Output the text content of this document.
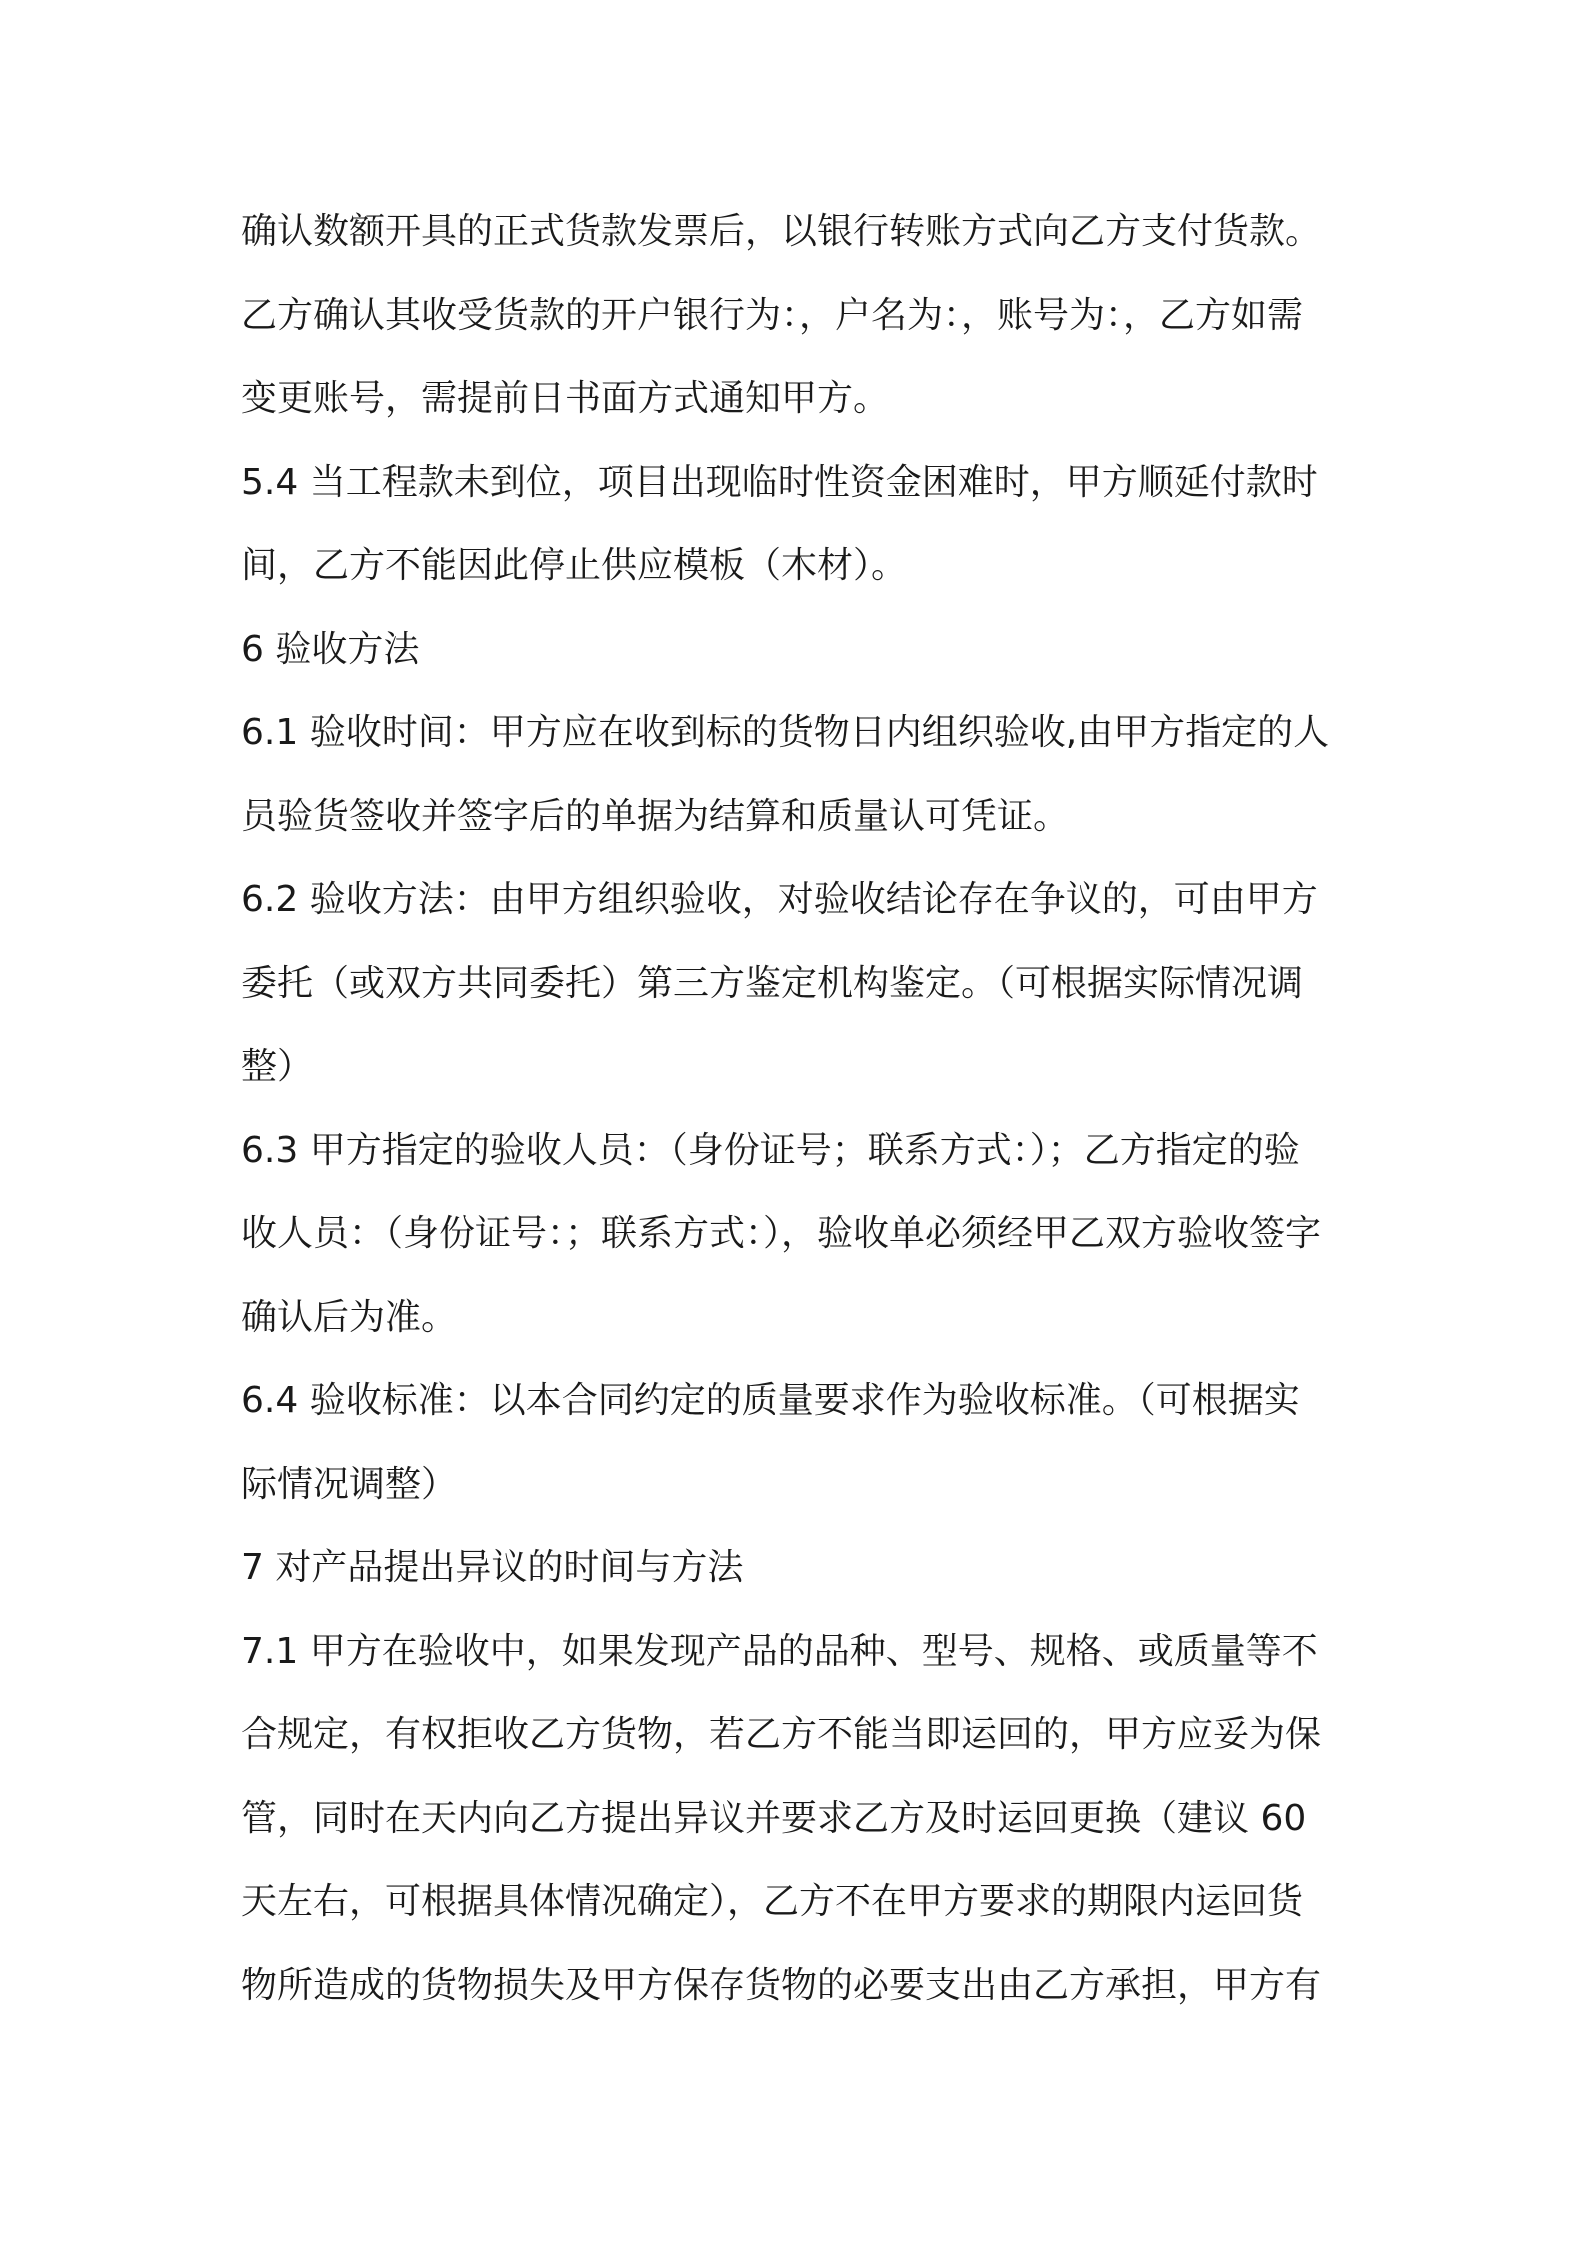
确认数额开具的正式货款发票后，以银行转账方式向乙方支付货款。
乙方确认其收受货款的开户银行为：，户名为：，账号为：，乙方如需
变更账号，需提前日书面方式通知甲方。
5.4 当工程款未到位，项目出现临时性资金困难时，甲方顺延付款时
间，乙方不能因此停止供应模板（木材）。
6 验收方法
6.1 验收时间：甲方应在收到标的货物日内组织验收,由甲方指定的人
员验货签收并签字后的单据为结算和质量认可凭证。
6.2 验收方法：由甲方组织验收，对验收结论存在争议的，可由甲方
委托（或双方共同委托）第三方鉴定机构鉴定。（可根据实际情况调
整）
6.3 甲方指定的验收人员：（身份证号；联系方式：）；乙方指定的验
收人员：（身份证号：；联系方式：），验收单必须经甲乙双方验收签字
确认后为准。
6.4 验收标准：以本合同约定的质量要求作为验收标准。（可根据实
际情况调整）
7 对产品提出异议的时间与方法
7.1 甲方在验收中，如果发现产品的品种、型号、规格、或质量等不
合规定，有权拒收乙方货物，若乙方不能当即运回的，甲方应妥为保
管，同时在天内向乙方提出异议并要求乙方及时运回更换（建议 60
天左右，可根据具体情况确定），乙方不在甲方要求的期限内运回货
物所造成的货物损失及甲方保存货物的必要支出由乙方承担，甲方有
